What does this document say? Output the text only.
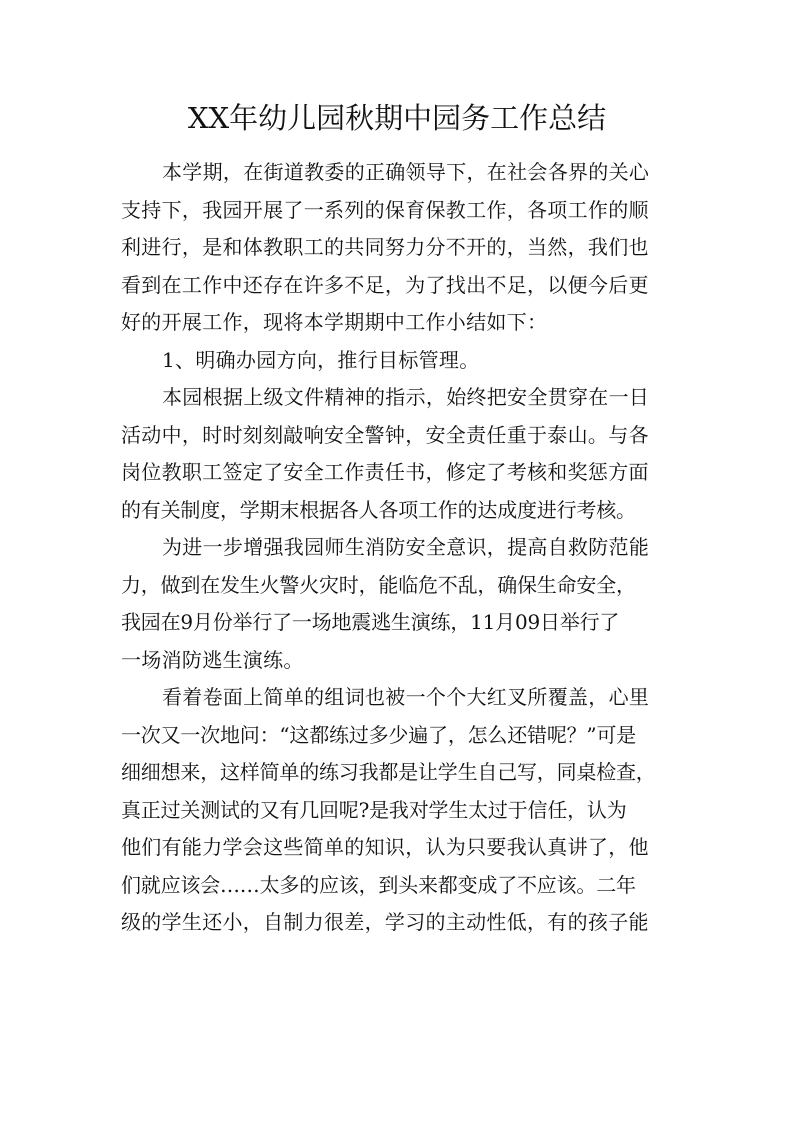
XX年幼儿园秋期中园务工作总结
本学期，在街道教委的正确领导下，在社会各界的关心
支持下，我园开展了一系列的保育保教工作，各项工作的顺
利进行，是和体教职工的共同努力分不开的，当然，我们也
看到在工作中还存在许多不足，为了找出不足，以便今后更
好的开展工作，现将本学期期中工作小结如下：
1、明确办园方向，推行目标管理。
本园根据上级文件精神的指示，始终把安全贯穿在一日
活动中，时时刻刻敲响安全警钟，安全责任重于泰山。与各
岗位教职工签定了安全工作责任书，修定了考核和奖惩方面
的有关制度，学期末根据各人各项工作的达成度进行考核。
为进一步增强我园师生消防安全意识，提高自救防范能
力，做到在发生火警火灾时，能临危不乱，确保生命安全，
我园在9月份举行了一场地震逃生演练，11月09日举行了
一场消防逃生演练。
看着卷面上简单的组词也被一个个大红叉所覆盖，心里
一次又一次地问：“这都练过多少遍了，怎么还错呢？”可是
细细想来，这样简单的练习我都是让学生自己写，同桌检查，
真正过关测试的又有几回呢?是我对学生太过于信任，认为
他们有能力学会这些简单的知识，认为只要我认真讲了，他
们就应该会……太多的应该，到头来都变成了不应该。二年
级的学生还小，自制力很差，学习的主动性低，有的孩子能
